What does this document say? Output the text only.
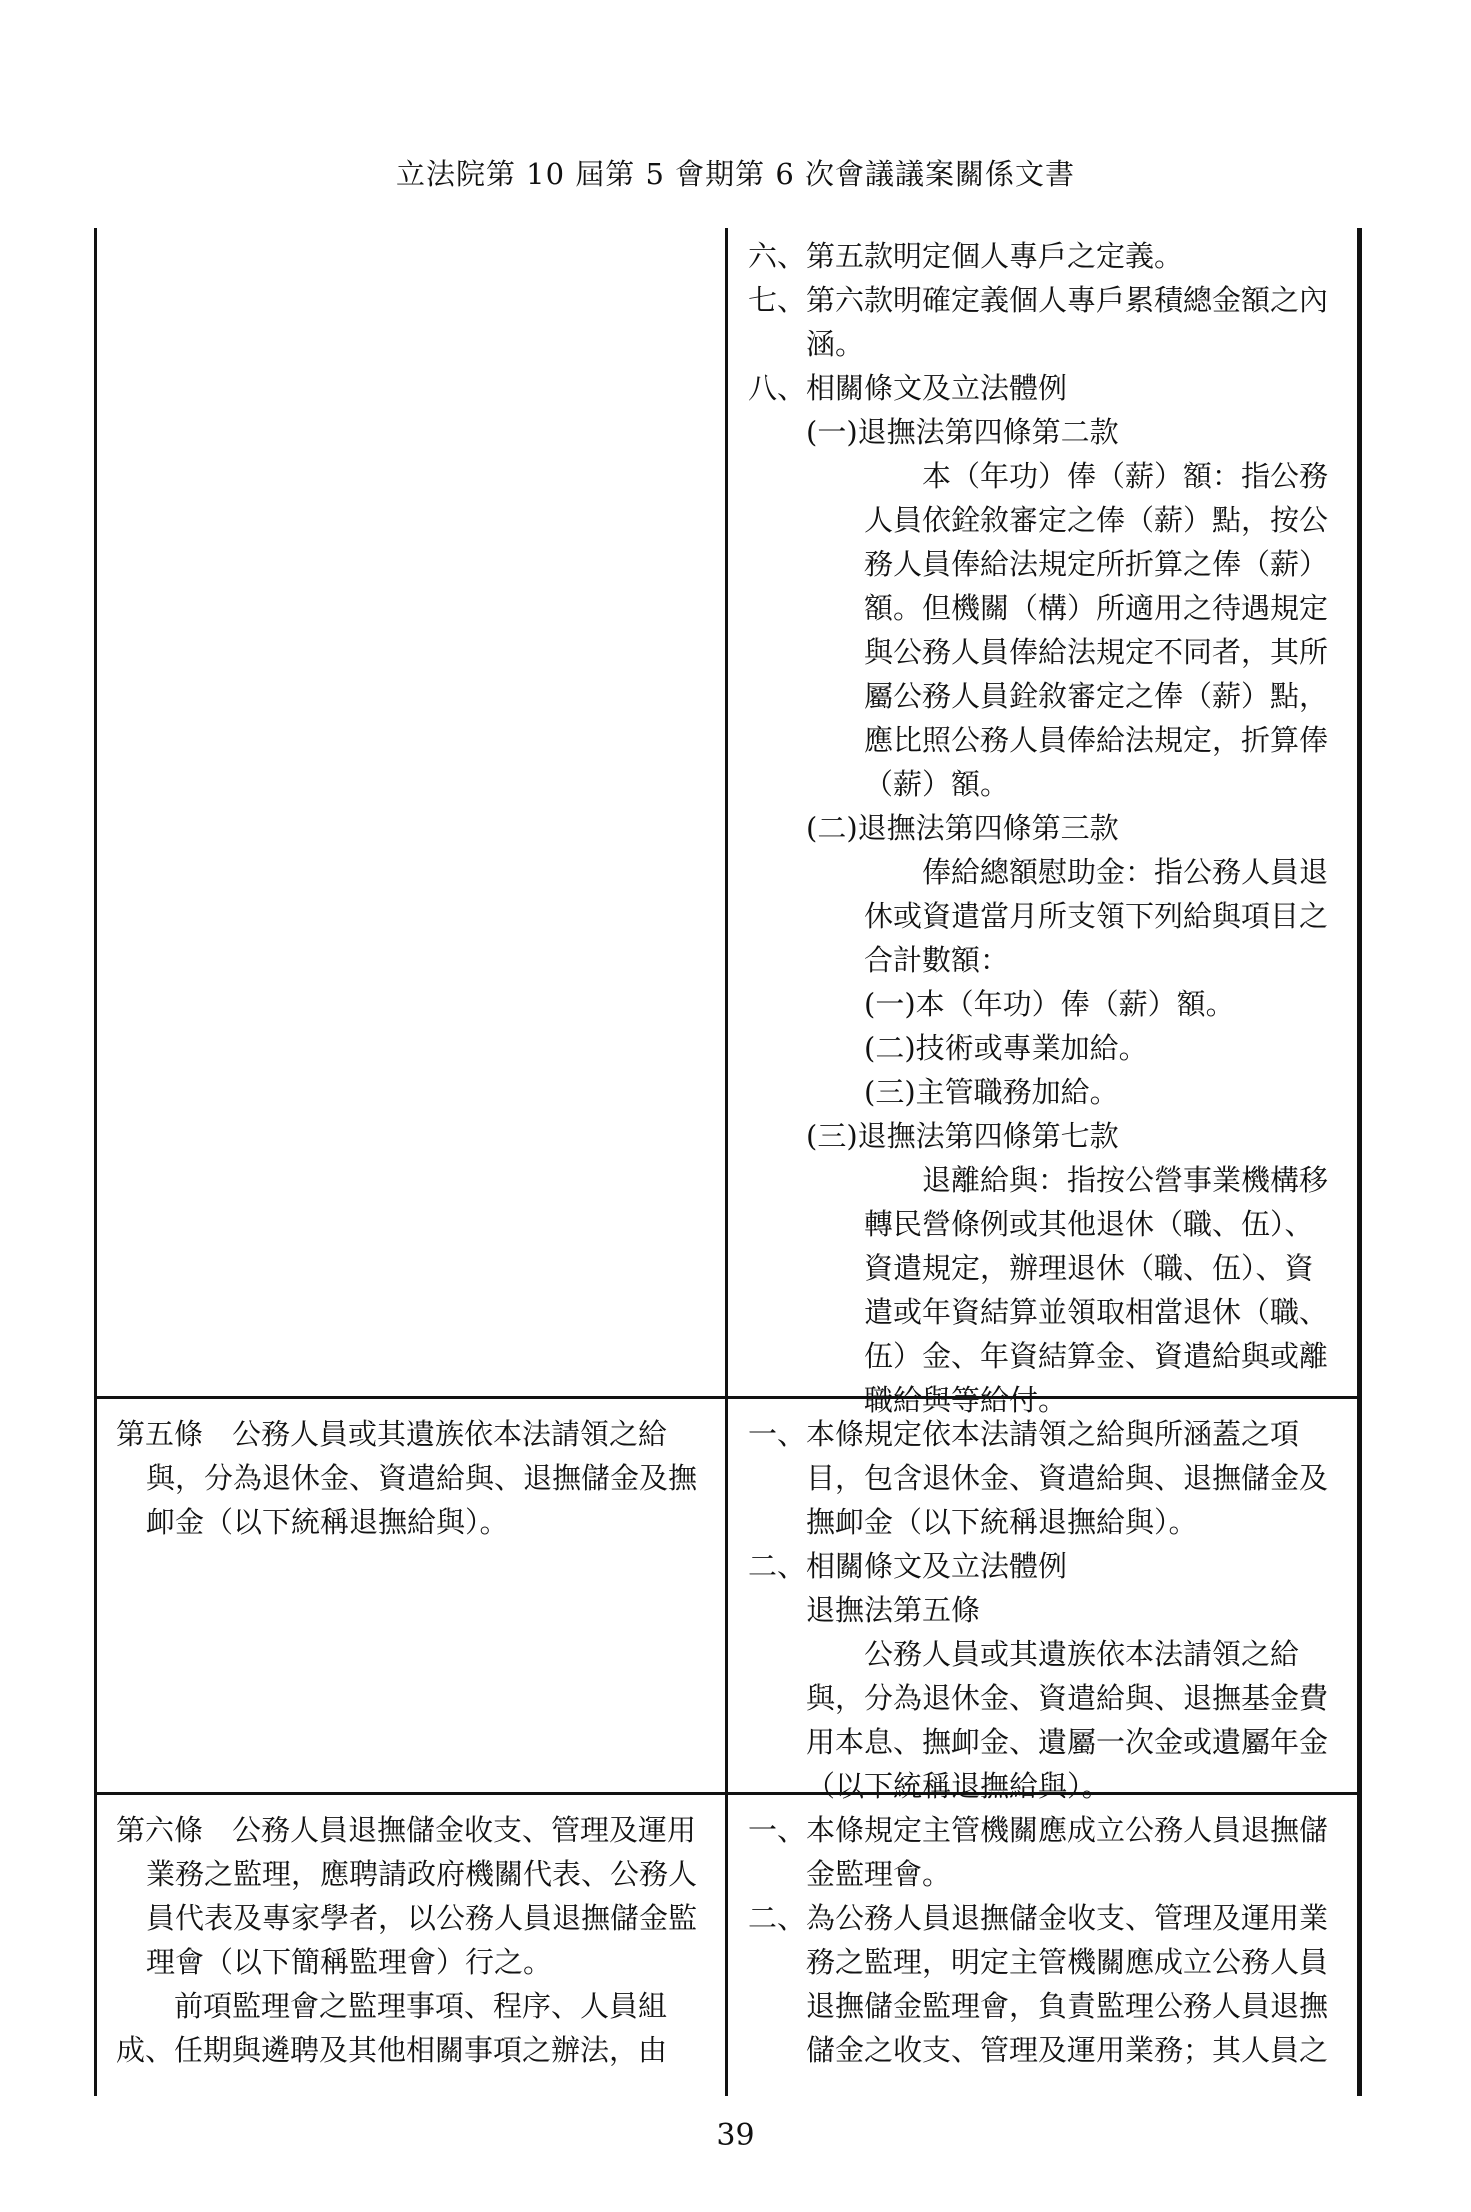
立法院第 10 屆第 5 會期第 6 次會議議案關係文書
六、第五款明定個人專戶之定義。
七、第六款明確定義個人專戶累積總金額之內涵。
八、相關條文及立法體例
(一)退撫法第四條第二款
本（年功）俸（薪）額：指公務人員依銓敘審定之俸（薪）點，按公務人員俸給法規定所折算之俸（薪）額。但機關（構）所適用之待遇規定與公務人員俸給法規定不同者，其所屬公務人員銓敘審定之俸（薪）點，應比照公務人員俸給法規定，折算俸（薪）額。
(二)退撫法第四條第三款
俸給總額慰助金：指公務人員退休或資遣當月所支領下列給與項目之合計數額：
(一)本（年功）俸（薪）額。
(二)技術或專業加給。
(三)主管職務加給。
(三)退撫法第四條第七款
退離給與：指按公營事業機構移轉民營條例或其他退休（職、伍）、資遣規定，辦理退休（職、伍）、資遣或年資結算並領取相當退休（職、伍）金、年資結算金、資遣給與或離職給與等給付。
第五條　公務人員或其遺族依本法請領之給與，分為退休金、資遣給與、退撫儲金及撫卹金（以下統稱退撫給與）。
一、本條規定依本法請領之給與所涵蓋之項目，包含退休金、資遣給與、退撫儲金及撫卹金（以下統稱退撫給與）。
二、相關條文及立法體例
退撫法第五條
公務人員或其遺族依本法請領之給與，分為退休金、資遣給與、退撫基金費用本息、撫卹金、遺屬一次金或遺屬年金（以下統稱退撫給與）。
第六條　公務人員退撫儲金收支、管理及運用業務之監理，應聘請政府機關代表、公務人員代表及專家學者，以公務人員退撫儲金監理會（以下簡稱監理會）行之。
前項監理會之監理事項、程序、人員組成、任期與遴聘及其他相關事項之辦法，由
一、本條規定主管機關應成立公務人員退撫儲金監理會。
二、為公務人員退撫儲金收支、管理及運用業務之監理，明定主管機關應成立公務人員退撫儲金監理會，負責監理公務人員退撫儲金之收支、管理及運用業務；其人員之
39
